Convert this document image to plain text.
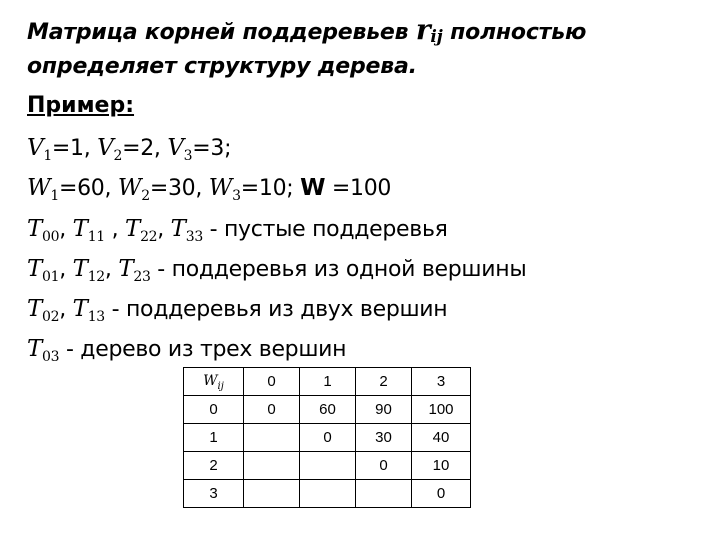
Матрица корней поддеревьев rij полностью
определяет структуру дерева.
Пример:
$V_1=1$, $V_2=2$, $V_3=3$;
$W_1=60$, $W_2=30$, $W_3=10$; W =100
$T_{00}$, $T_{11}$ , $T_{22}$, $T_{33}$ - пустые поддеревья
$T_{01}$, $T_{12}$, $T_{23}$ - поддеревья из одной вершины
$T_{02}$, $T_{13}$ - поддеревья из двух вершин
$T_{03}$ - дерево из трех вершин
$W_{ij}$	0	1	2	3
0	0	60	90	100
1		0	30	40
2			0	10
3				0
